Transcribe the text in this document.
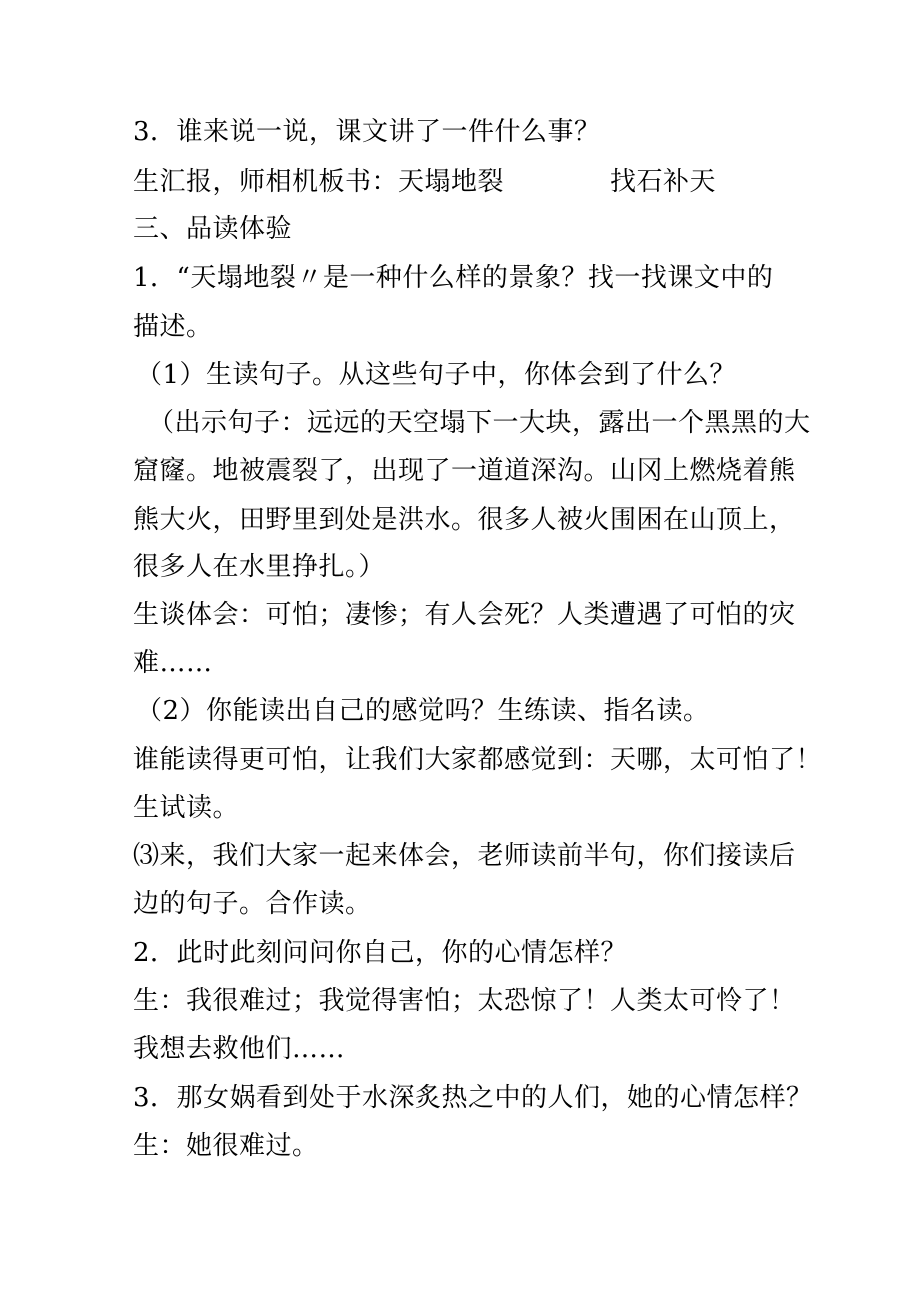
3．谁来说一说，课文讲了一件什么事？
生汇报，师相机板书：天塌地裂　　　　找石补天
三、品读体验
1．“天塌地裂〃是一种什么样的景象？找一找课文中的
描述。
（1）生读句子。从这些句子中，你体会到了什么？
（出示句子：远远的天空塌下一大块，露出一个黑黑的大
窟窿。地被震裂了，出现了一道道深沟。山冈上燃烧着熊
熊大火，田野里到处是洪水。很多人被火围困在山顶上，
很多人在水里挣扎。）
生谈体会：可怕；凄惨；有人会死？人类遭遇了可怕的灾
难……
（2）你能读出自己的感觉吗？生练读、指名读。
谁能读得更可怕，让我们大家都感觉到：天哪，太可怕了！
生试读。
⑶来，我们大家一起来体会，老师读前半句，你们接读后
边的句子。合作读。
2．此时此刻问问你自己，你的心情怎样？
生：我很难过；我觉得害怕；太恐惊了！人类太可怜了！
我想去救他们……
3．那女娲看到处于水深炙热之中的人们，她的心情怎样？
生：她很难过。
